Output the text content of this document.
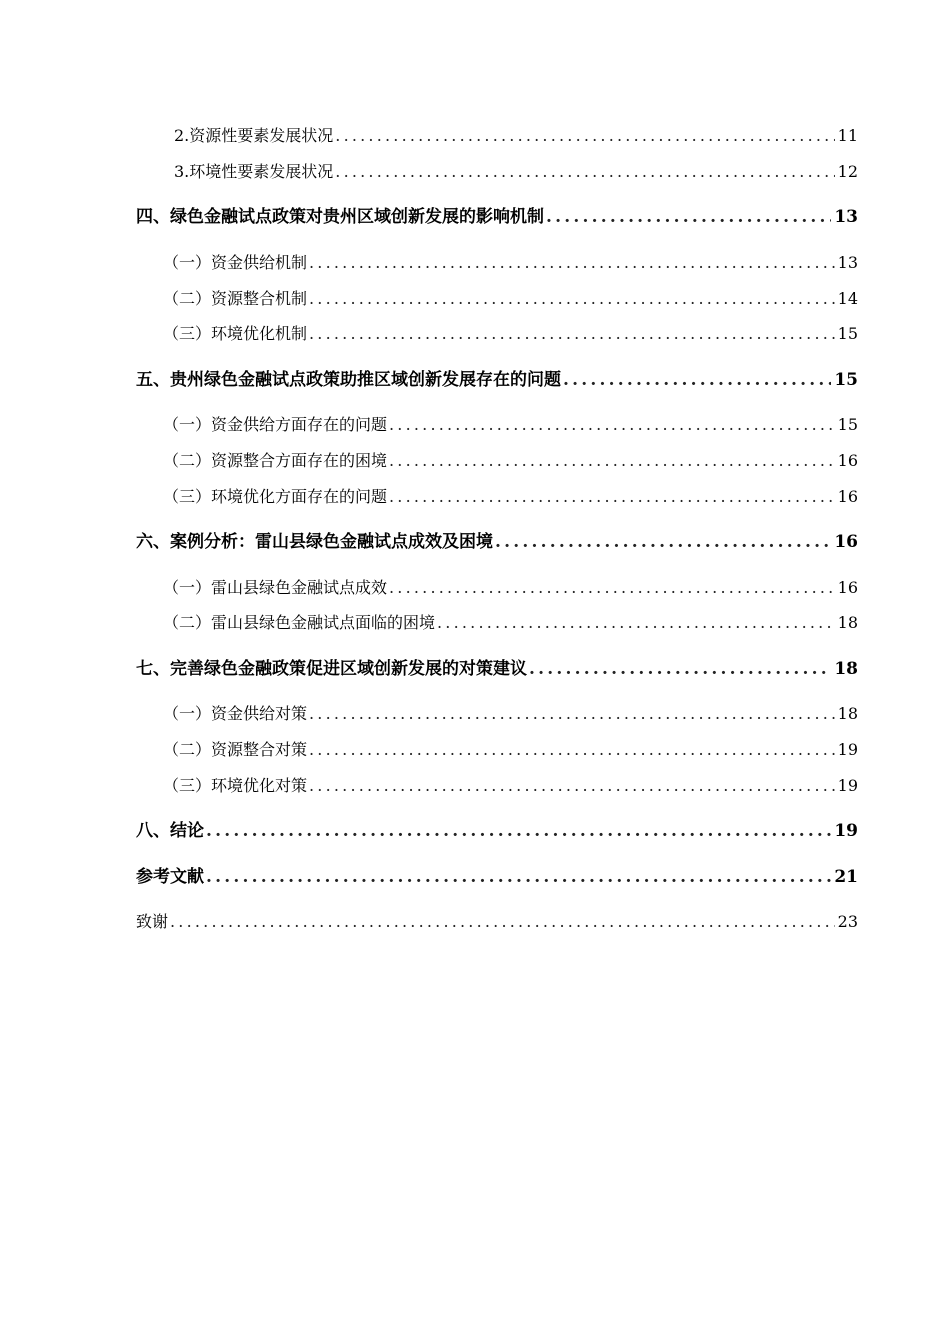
2.资源性要素发展状况 .....	11
3.环境性要素发展状况 .....	12
四、绿色金融试点政策对贵州区域创新发展的影响机制 .....	13
（一）资金供给机制 .....	13
（二）资源整合机制 .....	14
（三）环境优化机制 .....	15
五、贵州绿色金融试点政策助推区域创新发展存在的问题 .....	15
（一）资金供给方面存在的问题 .....	15
（二）资源整合方面存在的困境 .....	16
（三）环境优化方面存在的问题 .....	16
六、案例分析：雷山县绿色金融试点成效及困境 .....	16
（一）雷山县绿色金融试点成效 .....	16
（二）雷山县绿色金融试点面临的困境 .....	18
七、完善绿色金融政策促进区域创新发展的对策建议 .....	18
（一）资金供给对策 .....	18
（二）资源整合对策 .....	19
（三）环境优化对策 .....	19
八、结论 .....	19
参考文献 .....	21
致谢 .....	23
